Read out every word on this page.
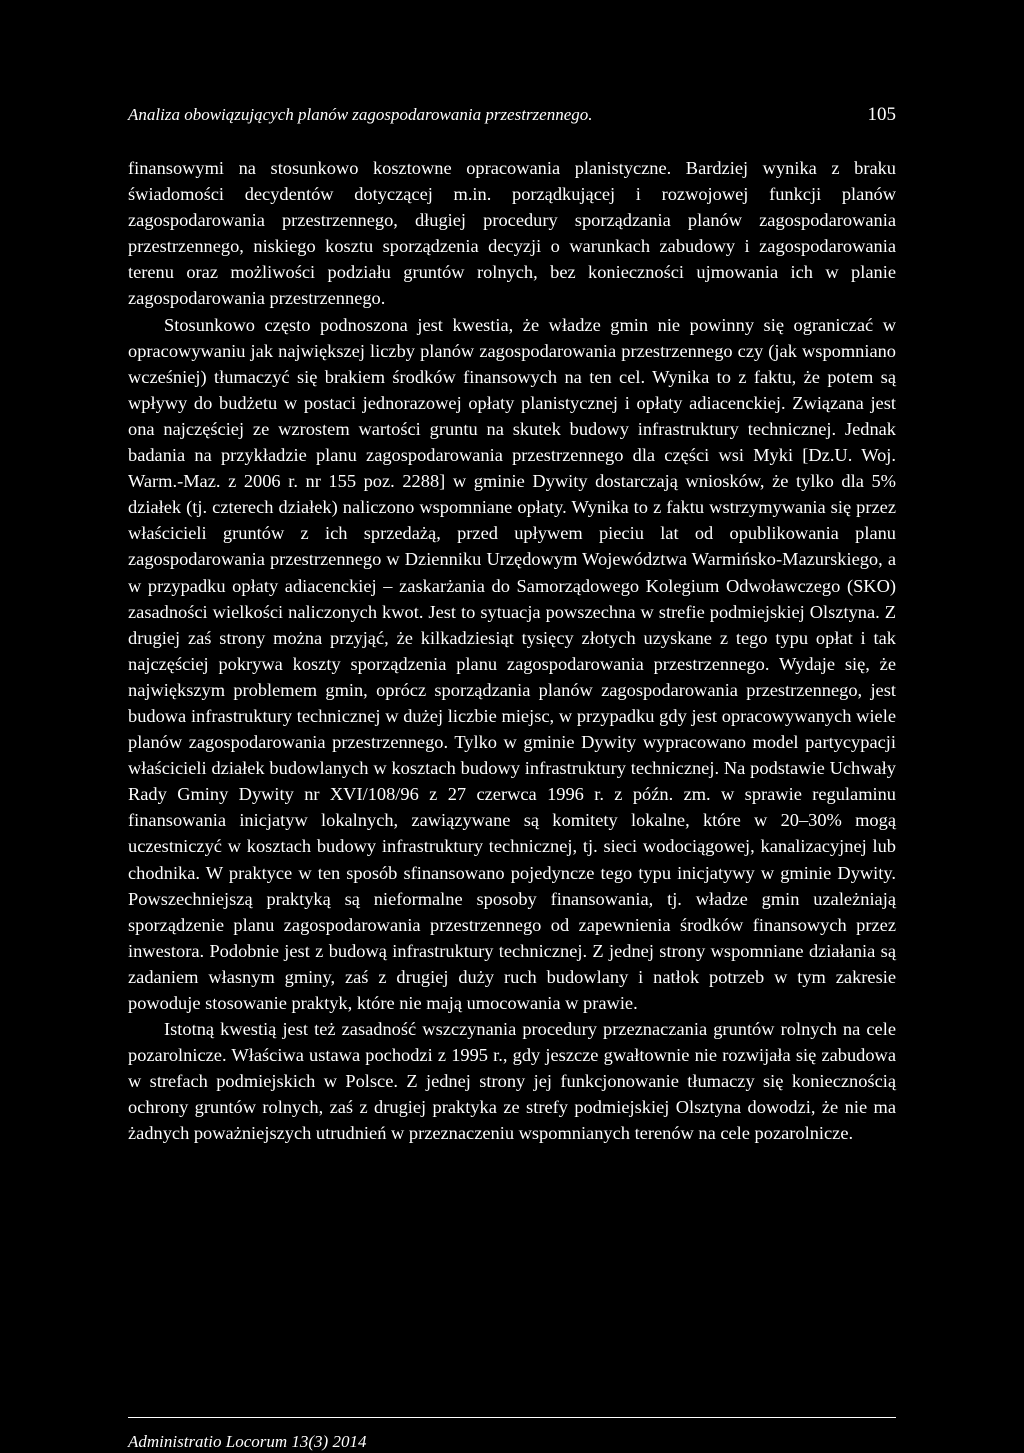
Analiza obowiązujących planów zagospodarowania przestrzennego.	105

finansowymi na stosunkowo kosztowne opracowania planistyczne. Bardziej wynika z braku świadomości decydentów dotyczącej m.in. porządkującej i rozwojowej funkcji planów zagospodarowania przestrzennego, długiej procedury sporządzania planów zagospodarowania przestrzennego, niskiego kosztu sporządzenia decyzji o warunkach zabudowy i zagospodarowania terenu oraz możliwości podziału gruntów rolnych, bez konieczności ujmowania ich w planie zagospodarowania przestrzennego.

Stosunkowo często podnoszona jest kwestia, że władze gmin nie powinny się ograniczać w opracowywaniu jak największej liczby planów zagospodarowania przestrzennego czy (jak wspomniano wcześniej) tłumaczyć się brakiem środków finansowych na ten cel. Wynika to z faktu, że potem są wpływy do budżetu w postaci jednorazowej opłaty planistycznej i opłaty adiacenckiej. Związana jest ona najczęściej ze wzrostem wartości gruntu na skutek budowy infrastruktury technicznej. Jednak badania na przykładzie planu zagospodarowania przestrzennego dla części wsi Myki [Dz.U. Woj. Warm.-Maz. z 2006 r. nr 155 poz. 2288] w gminie Dywity dostarczają wniosków, że tylko dla 5% działek (tj. czterech działek) naliczono wspomniane opłaty. Wynika to z faktu wstrzymywania się przez właścicieli gruntów z ich sprzedażą, przed upływem pieciu lat od opublikowania planu zagospodarowania przestrzennego w Dzienniku Urzędowym Województwa Warmińsko-Mazurskiego, a w przypadku opłaty adiacenckiej – zaskarżania do Samorządowego Kolegium Odwoławczego (SKO) zasadności wielkości naliczonych kwot. Jest to sytuacja powszechna w strefie podmiejskiej Olsztyna. Z drugiej zaś strony można przyjąć, że kilkadziesiąt tysięcy złotych uzyskane z tego typu opłat i tak najczęściej pokrywa koszty sporządzenia planu zagospodarowania przestrzennego. Wydaje się, że największym problemem gmin, oprócz sporządzania planów zagospodarowania przestrzennego, jest budowa infrastruktury technicznej w dużej liczbie miejsc, w przypadku gdy jest opracowywanych wiele planów zagospodarowania przestrzennego. Tylko w gminie Dywity wypracowano model partycypacji właścicieli działek budowlanych w kosztach budowy infrastruktury technicznej. Na podstawie Uchwały Rady Gminy Dywity nr XVI/108/96 z 27 czerwca 1996 r. z późn. zm. w sprawie regulaminu finansowania inicjatyw lokalnych, zawiązywane są komitety lokalne, które w 20–30% mogą uczestniczyć w kosztach budowy infrastruktury technicznej, tj. sieci wodociągowej, kanalizacyjnej lub chodnika. W praktyce w ten sposób sfinansowano pojedyncze tego typu inicjatywy w gminie Dywity. Powszechniejszą praktyką są nieformalne sposoby finansowania, tj. władze gmin uzależniają sporządzenie planu zagospodarowania przestrzennego od zapewnienia środków finansowych przez inwestora. Podobnie jest z budową infrastruktury technicznej. Z jednej strony wspomniane działania są zadaniem własnym gminy, zaś z drugiej duży ruch budowlany i natłok potrzeb w tym zakresie powoduje stosowanie praktyk, które nie mają umocowania w prawie.

Istotną kwestią jest też zasadność wszczynania procedury przeznaczania gruntów rolnych na cele pozarolnicze. Właściwa ustawa pochodzi z 1995 r., gdy jeszcze gwałtownie nie rozwijała się zabudowa w strefach podmiejskich w Polsce. Z jednej strony jej funkcjonowanie tłumaczy się koniecznością ochrony gruntów rolnych, zaś z drugiej praktyka ze strefy podmiejskiej Olsztyna dowodzi, że nie ma żadnych poważniejszych utrudnień w przeznaczeniu wspomnianych terenów na cele pozarolnicze.

Administratio Locorum 13(3) 2014
